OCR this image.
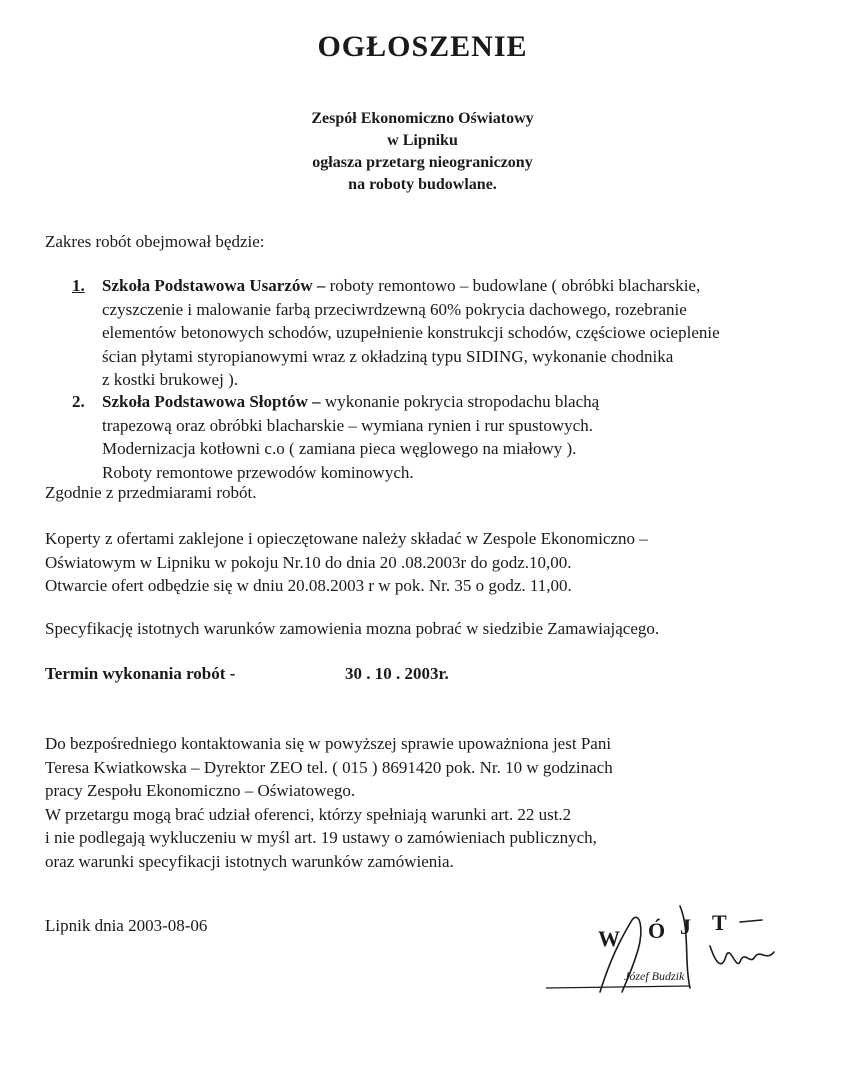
OGŁOSZENIE
Zespół Ekonomiczno Oświatowy
w Lipniku
ogłasza przetarg nieograniczony
na roboty budowlane.
Zakres robót obejmował będzie:
1. Szkoła Podstawowa Usarzów – roboty remontowo – budowlane ( obróbki blacharskie,
czyszczenie i malowanie farbą przeciwrdzewną 60% pokrycia dachowego, rozebranie
elementów betonowych schodów, uzupełnienie konstrukcji schodów, częściowe ocieplenie
ścian płytami styropianowymi wraz z okładziną typu SIDING, wykonanie chodnika
z kostki brukowej ).
2. Szkoła Podstawowa Słoptów – wykonanie pokrycia stropodachu blachą
trapezową oraz obróbki blacharskie – wymiana rynien i rur spustowych.
Modernizacja kotłowni c.o ( zamiana pieca węglowego na miałowy ).
Roboty remontowe przewodów kominowych.
Zgodnie z przedmiarami robót.
Koperty z ofertami zaklejone i opieczętowane należy składać w Zespole Ekonomiczno –
Oświatowym w Lipniku w pokoju Nr.10 do dnia 20 .08.2003r do godz.10,00.
Otwarcie ofert odbędzie się w dniu 20.08.2003 r w pok. Nr. 35 o godz. 11,00.
Specyfikację istotnych warunków zamowienia mozna pobrać w siedzibie Zamawiającego.
Termin wykonania robót -	30 . 10 . 2003r.
Do bezpośredniego kontaktowania się w powyższej sprawie upoważniona jest Pani
Teresa Kwiatkowska – Dyrektor ZEO tel. ( 015 ) 8691420 pok. Nr. 10 w godzinach
pracy Zespołu Ekonomiczno – Oświatowego.
W przetargu mogą brać udział oferenci, którzy spełniają warunki art. 22 ust.2
i nie podlegają wykluczeniu w myśl art. 19 ustawy o zamówieniach publicznych,
oraz warunki specyfikacji istotnych warunków zamówienia.
Lipnik dnia 2003-08-06
W Ó J T
Józef Budzik
